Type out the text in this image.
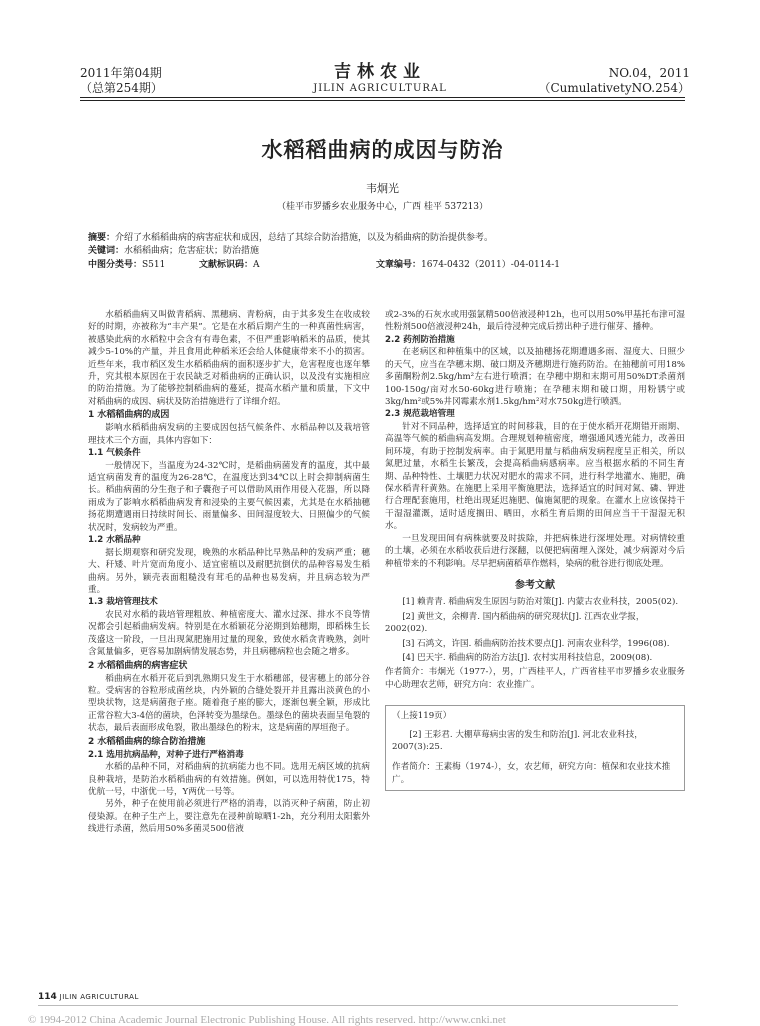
2011年第04期
（总第254期）
吉林农业
JILIN AGRICULTURAL
NO.04，2011
（CumulativetyNO.254）
水稻稻曲病的成因与防治
韦炯光
（桂平市罗播乡农业服务中心，广西 桂平 537213）
摘要：介绍了水稻稻曲病的病害症状和成因，总结了其综合防治措施，以及为稻曲病的防治提供参考。
关键词：水稻稻曲病；危害症状；防治措施
中图分类号：S511	文献标识码：A	文章编号：1674-0432（2011）-04-0114-1

水稻稻曲病又叫做青稻病、黑穗病、青粉病，由于其多发生在收成较好的时期，亦被称为“丰产果”。它是在水稻后期产生的一种真菌性病害，被感染此病的水稻粒中会含有有毒色素，不但严重影响稻米的品质，使其减少5-10%的产量，并且食用此种稻米还会给人体健康带来不小的损害。近些年来，我市稻区发生水稻稻曲病的面积逐步扩大，危害程度也逐年攀升，究其根本原因在于农民缺乏对稻曲病的正确认识，以及没有实施相应的防治措施。为了能够控制稻曲病的蔓延，提高水稻产量和质量，下文中对稻曲病的成因、病状及防治措施进行了详细介绍。

1 水稻稻曲病的成因

影响水稻稻曲病发病的主要成因包括气候条件、水稻品种以及栽培管理技术三个方面，具体内容如下：

1.1 气候条件

一般情况下，当温度为24-32℃时，是稻曲病菌发育的温度，其中最适宜病菌发育的温度为26-28℃，在温度达到34℃以上时会抑制病菌生长。稻曲病菌的分生孢子和子囊孢子可以借助风雨作用侵入花器，所以降雨成为了影响水稻稻曲病发育和浸染的主要气候因素，尤其是在水稻抽穗扬花期遭遇雨日持续时间长、雨量偏多、田间湿度较大、日照偏少的气候状况时，发病较为严重。

1.2 水稻品种

据长期观察和研究发现，晚熟的水稻品种比早熟品种的发病严重；穗大、秆矮、叶片宽而角度小、适宜密植以及耐肥抗倒伏的品种容易发生稻曲病。另外，颖壳表面粗糙没有茸毛的品种也易发病，并且病态较为严重。

1.3 栽培管理技术

农民对水稻的栽培管理粗放、种植密度大、灌水过深、排水不良等情况都会引起稻曲病发病。特别是在水稻颖花分泌期到始穗期，即稻株生长茂盛这一阶段，一旦出现氮肥施用过量的现象，致使水稻贪青晚熟，剑叶含氮量偏多，更容易加剧病情发展态势，并且病穗病粒也会随之增多。

2 水稻稻曲病的病害症状

稻曲病在水稻开花后到乳熟期只发生于水稻穗部，侵害穗上的部分谷粒。受病害的谷粒形成菌丝块，内外颖的合缝处裂开并且露出淡黄色的小型块状物，这是病菌孢子座。随着孢子座的膨大，逐渐包裹全颖，形成比正常谷粒大3-4倍的菌块，色泽转变为墨绿色。墨绿色的菌块表面呈龟裂的状态，最后表面形成龟裂，散出墨绿色的粉末，这是病菌的厚垣孢子。

2 水稻稻曲病的综合防治措施
2.1 选用抗病品种，对种子进行严格消毒

水稻的品种不同，对稻曲病的抗病能力也不同。选用无病区域的抗病良种栽培，是防治水稻稻曲病的有效措施。例如，可以选用特优175，特优航一号，中浙优一号，Y两优一号等。

另外，种子在使用前必须进行严格的消毒，以消灭种子病菌，防止初侵染源。在种子生产上，要注意先在浸种前晾晒1-2h，充分利用太阳紫外线进行杀菌，然后用50%多菌灵500倍液

或2-3%的石灰水或用强氯精500倍液浸种12h，也可以用50%甲基托布津可湿性粉剂500倍液浸种24h，最后待浸种完成后捞出种子进行催芽、播种。

2.2 药剂防治措施

在老病区和种植集中的区域，以及抽穗扬花期遭遇多雨、湿度大、日照少的天气，应当在孕穗末期、破口期及齐穗期进行施药防治。在抽穗前可用18%多菌酮粉剂2.5kg/hm²左右进行喷洒；在孕穗中期和末期可用50%DT杀菌剂100-150g/亩对水50-60kg进行喷施；在孕穗末期和破口期，用粉锈宁或3kg/hm²或5%井冈霉素水剂1.5kg/hm²对水750kg进行喷洒。

2.3 规范栽培管理

针对不同品种，选择适宜的时间移栽，目的在于使水稻开花期错开雨期、高温等气候的稻曲病高发期。合理规划种植密度，增强通风透光能力，改善田间环境，有助于控制发病率。由于氮肥用量与稻曲病发病程度呈正相关，所以氮肥过量，水稻生长繁茂，会提高稻曲病感病率。应当根据水稻的不同生育期、品种特性、土壤肥力状况对肥水的需求不同，进行科学地灌水、施肥，确保水稻青秆黄熟。在施肥上采用平衡施肥法，选择适宜的时间对氮、磷、钾进行合理配套施用，杜绝出现延迟施肥、偏施氮肥的现象。在灌水上应该保持干干湿湿灌溉，适时适度搁田、晒田，水稻生育后期的田间应当干干湿湿无积水。

一旦发现田间有病株就要及时拔除，并把病株进行深埋处理。对病情较重的土壤，必须在水稻收获后进行深翻，以便把病菌埋入深处，减少病源对今后种植带来的不利影响。尽早把病菌稻草作燃料，染病的秕谷进行彻底处理。

参考文献
[1] 赖青青. 稻曲病发生原因与防治对策[J]. 内蒙古农业科技，2005(02).
[2] 黄世文，余柳青. 国内稻曲病的研究现状[J]. 江西农业学报，2002(02).
[3] 石鸿文，许国. 稻曲病防治技术要点[J]. 河南农业科学，1996(08).
[4] 巴天宇. 稻曲病的防治方法[J]. 农村实用科技信息，2009(08).

作者简介：韦炯光（1977-），男，广西桂平人，广西省桂平市罗播乡农业服务中心助理农艺师，研究方向：农业推广。

（上接119页）
[2] 王彩君. 大棚草莓病虫害的发生和防治[J]. 河北农业科技，2007(3):25.
作者简介：王素梅（1974-），女，农艺师，研究方向：植保和农业技术推广。
114 JILIN AGRICULTURAL
© 1994-2012 China Academic Journal Electronic Publishing House. All rights reserved. http://www.cnki.net
